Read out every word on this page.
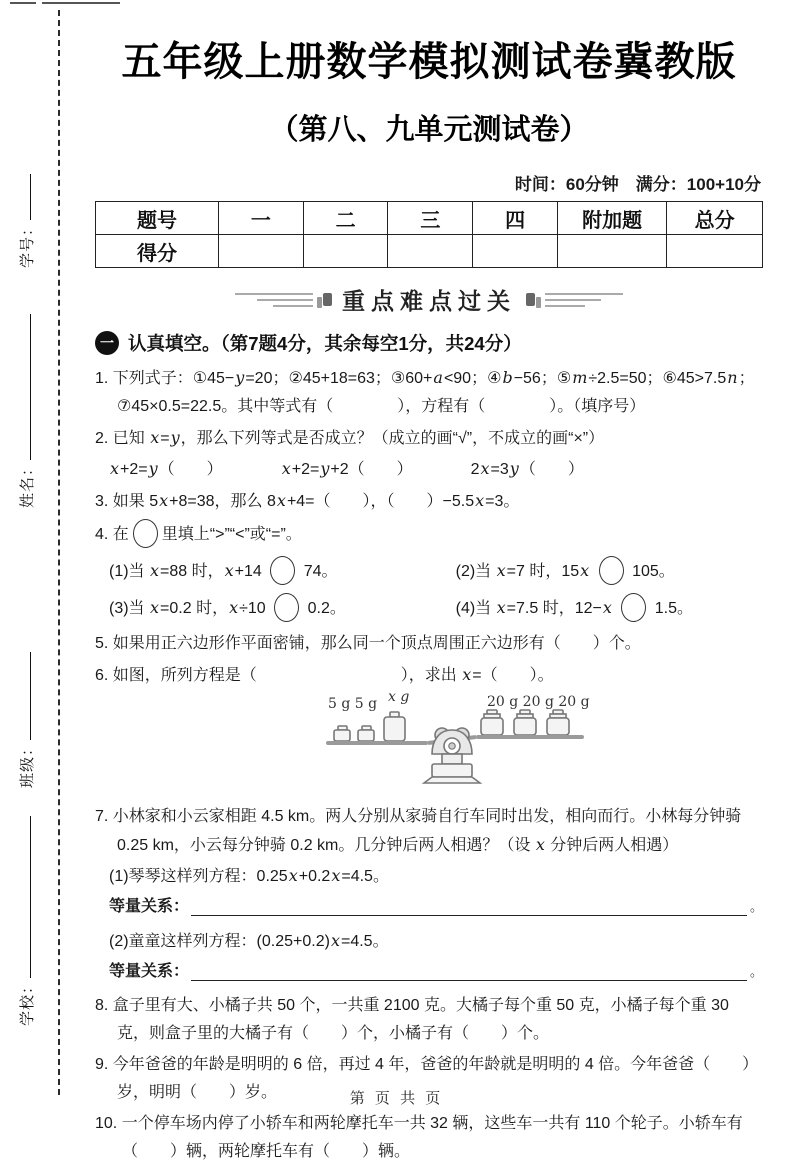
学号：
姓名：
班级：
学校：
五年级上册数学模拟测试卷冀教版
（第八、九单元测试卷）
时间：60分钟　满分：100+10分
题号	一	二	三	四	附加题	总分
得分						
重点难点过关
一 认真填空。（第7题4分，其余每空1分，共24分）
1. 下列式子：①45−y=20；②45+18=63；③60+a<90；④b−56；⑤m÷2.5=50；⑥45>7.5n；⑦45×0.5=22.5。其中等式有（　　　　），方程有（　　　　）。（填序号）
2. 已知 x=y，那么下列等式是否成立？（成立的画“√”，不成立的画“×”）
x+2=y（　　）	x+2=y+2（　　）	2x=3y（　　）
3. 如果 5x+8=38，那么 8x+4=（　　），（　　）−5.5x=3。
4. 在 里填上“>”“<”或“=”。
(1)当 x=88 时，x+14  74。	(2)当 x=7 时，15x  105。
(3)当 x=0.2 时，x÷10  0.2。	(4)当 x=7.5 时，12−x  1.5。
5. 如果用正六边形作平面密铺，那么同一个顶点周围正六边形有（　　）个。
6. 如图，所列方程是（　　　　　　　　　），求出 x=（　　）。
5 g 5 g x g	20 g 20 g 20 g
7. 小林家和小云家相距 4.5 km。两人分别从家骑自行车同时出发，相向而行。小林每分钟骑 0.25 km，小云每分钟骑 0.2 km。几分钟后两人相遇？（设 x 分钟后两人相遇）
(1)琴琴这样列方程：0.25x+0.2x=4.5。
等量关系：	。
(2)童童这样列方程：(0.25+0.2)x=4.5。
等量关系：	。
8. 盒子里有大、小橘子共 50 个，一共重 2100 克。大橘子每个重 50 克，小橘子每个重 30 克，则盒子里的大橘子有（　　）个，小橘子有（　　）个。
9. 今年爸爸的年龄是明明的 6 倍，再过 4 年，爸爸的年龄就是明明的 4 倍。今年爸爸（　　）岁，明明（　　）岁。
10. 一个停车场内停了小轿车和两轮摩托车一共 32 辆，这些车一共有 110 个轮子。小轿车有（　　）辆，两轮摩托车有（　　）辆。
第 页 共 页
